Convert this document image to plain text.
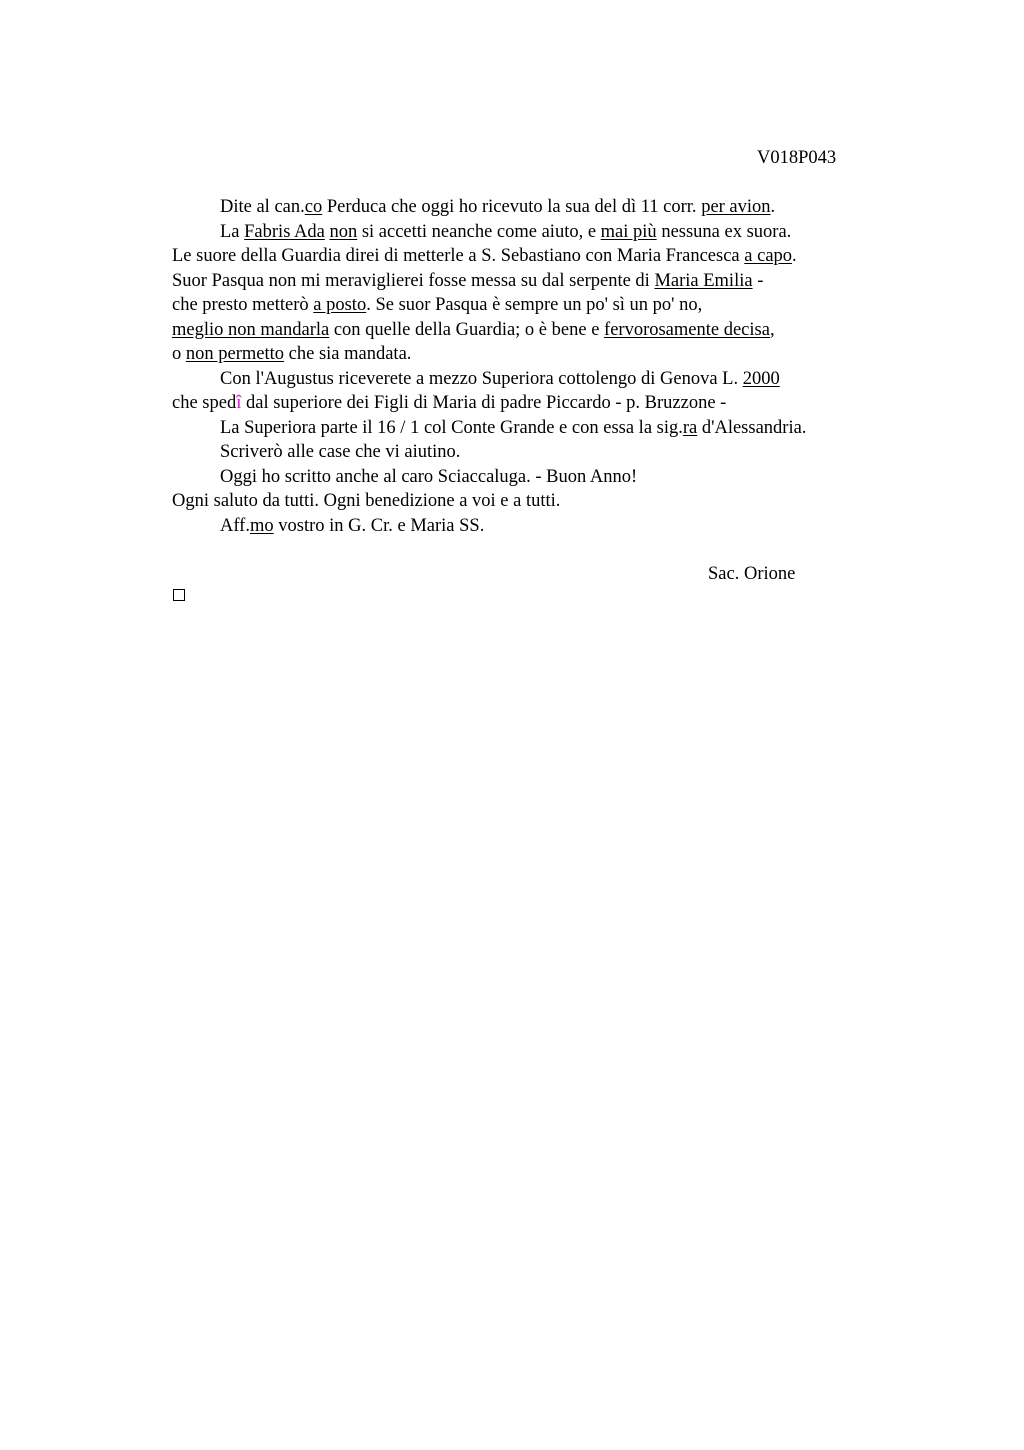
V018P043
Dite al can.co Perduca che oggi ho ricevuto la sua del dì 11 corr. per avion.
La Fabris Ada non si accetti neanche come aiuto, e mai più nessuna ex suora.
Le suore della Guardia direi di metterle a S. Sebastiano con Maria Francesca a capo.
Suor Pasqua non mi meraviglierei fosse messa su dal serpente di Maria Emilia -
che presto metterò a posto. Se suor Pasqua è sempre un po' sì un po' no,
meglio non mandarla con quelle della Guardia; o è bene e fervorosamente decisa,
o non permetto che sia mandata.
Con l'Augustus riceverete a mezzo Superiora cottolengo di Genova L. 2000
che spedî dal superiore dei Figli di Maria di padre Piccardo - p. Bruzzone -
La Superiora parte il 16 / 1 col Conte Grande e con essa la sig.ra d'Alessandria.
Scriverò alle case che vi aiutino.
Oggi ho scritto anche al caro Sciaccaluga. - Buon Anno!
Ogni saluto da tutti. Ogni benedizione a voi e a tutti.
Aff.mo vostro in G. Cr. e Maria SS.
Sac. Orione
